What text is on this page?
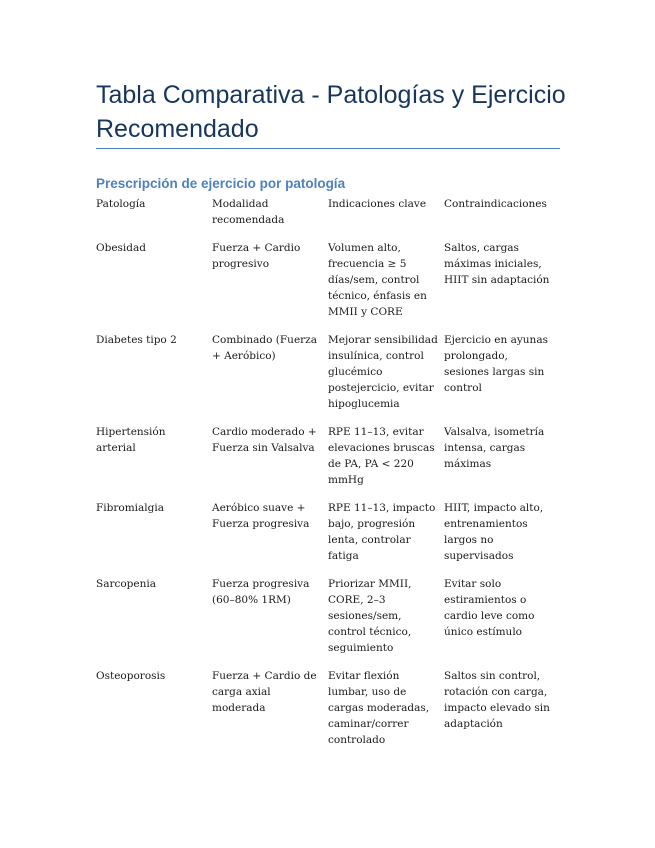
Tabla Comparativa - Patologías y Ejercicio Recomendado
Prescripción de ejercicio por patología
Patología	Modalidad recomendada	Indicaciones clave	Contraindicaciones
Obesidad	Fuerza + Cardio progresivo	Volumen alto, frecuencia ≥ 5 días/sem, control técnico, énfasis en MMII y CORE	Saltos, cargas máximas iniciales, HIIT sin adaptación
Diabetes tipo 2	Combinado (Fuerza + Aeróbico)	Mejorar sensibilidad insulínica, control glucémico postejercicio, evitar hipoglucemia	Ejercicio en ayunas prolongado, sesiones largas sin control
Hipertensión arterial	Cardio moderado + Fuerza sin Valsalva	RPE 11–13, evitar elevaciones bruscas de PA, PA < 220 mmHg	Valsalva, isometría intensa, cargas máximas
Fibromialgia	Aeróbico suave + Fuerza progresiva	RPE 11–13, impacto bajo, progresión lenta, controlar fatiga	HIIT, impacto alto, entrenamientos largos no supervisados
Sarcopenia	Fuerza progresiva (60–80% 1RM)	Priorizar MMII, CORE, 2–3 sesiones/sem, control técnico, seguimiento	Evitar solo estiramientos o cardio leve como único estímulo
Osteoporosis	Fuerza + Cardio de carga axial moderada	Evitar flexión lumbar, uso de cargas moderadas, caminar/correr controlado	Saltos sin control, rotación con carga, impacto elevado sin adaptación
